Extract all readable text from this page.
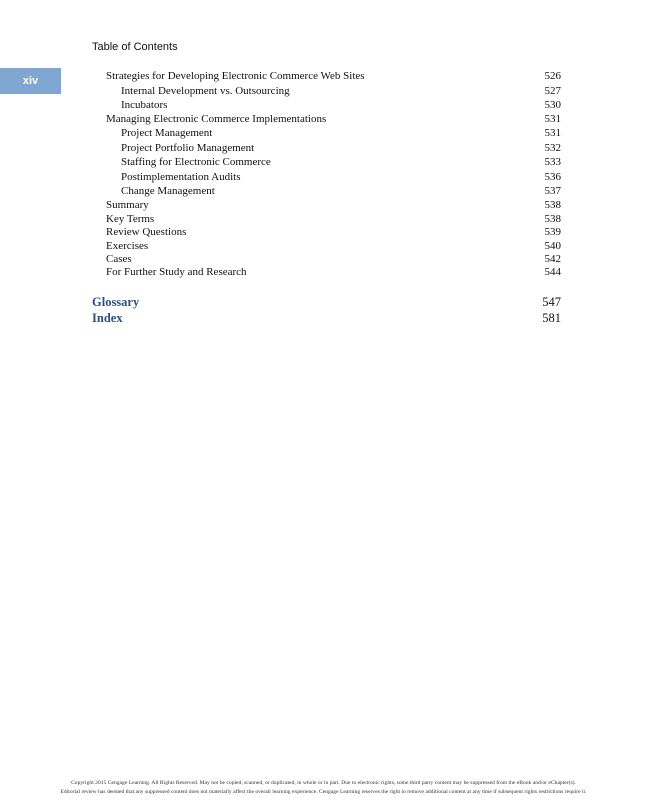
Table of Contents
xiv	Strategies for Developing Electronic Commerce Web Sites	526
Internal Development vs. Outsourcing	527
Incubators	530
Managing Electronic Commerce Implementations	531
Project Management	531
Project Portfolio Management	532
Staffing for Electronic Commerce	533
Postimplementation Audits	536
Change Management	537
Summary	538
Key Terms	538
Review Questions	539
Exercises	540
Cases	542
For Further Study and Research	544
Glossary	547
Index	581
Copyright 2015 Cengage Learning. All Rights Reserved. May not be copied, scanned, or duplicated, in whole or in part. Due to electronic rights, some third party content may be suppressed from the eBook and/or eChapter(s).
Editorial review has deemed that any suppressed content does not materially affect the overall learning experience. Cengage Learning reserves the right to remove additional content at any time if subsequent rights restrictions require it.
